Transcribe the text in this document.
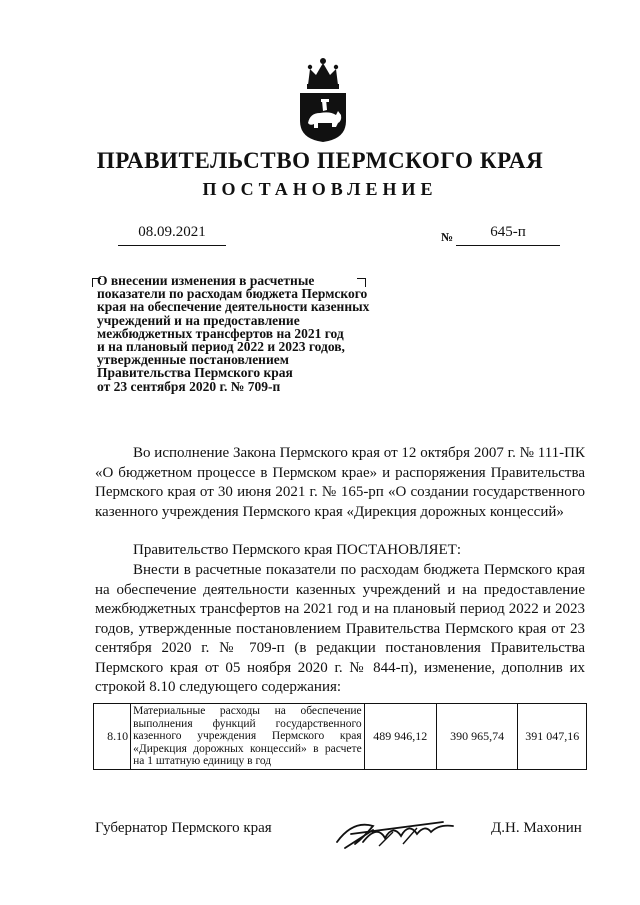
ПРАВИТЕЛЬСТВО ПЕРМСКОГО КРАЯ
ПОСТАНОВЛЕНИЕ
08.09.2021	№	645-п
О внесении изменения в расчетные
показатели по расходам бюджета Пермского
края на обеспечение деятельности казенных
учреждений и на предоставление
межбюджетных трансфертов на 2021 год
и на плановый период 2022 и 2023 годов,
утвержденные постановлением
Правительства Пермского края
от 23 сентября 2020 г. № 709-п

Во исполнение Закона Пермского края от 12 октября 2007 г. № 111-ПК «О бюджетном процессе в Пермском крае» и распоряжения Правительства Пермского края от 30 июня 2021 г. № 165-рп «О создании государственного казенного учреждения Пермского края «Дирекция дорожных концессий»

Правительство Пермского края ПОСТАНОВЛЯЕТ:

Внести в расчетные показатели по расходам бюджета Пермского края на обеспечение деятельности казенных учреждений и на предоставление межбюджетных трансфертов на 2021 год и на плановый период 2022 и 2023 годов, утвержденные постановлением Правительства Пермского края от 23 сентября 2020 г. № 709-п (в редакции постановления Правительства Пермского края от 05 ноября 2020 г. № 844-п), изменение, дополнив их строкой 8.10 следующего содержания:

8.10	Материальные расходы на обеспечение выполнения функций государственного казенного учреждения Пермского края «Дирекция дорожных концессий» в расчете на 1 штатную единицу в год	489 946,12	390 965,74	391 047,16
Губернатор Пермского края	Д.Н. Махонин
